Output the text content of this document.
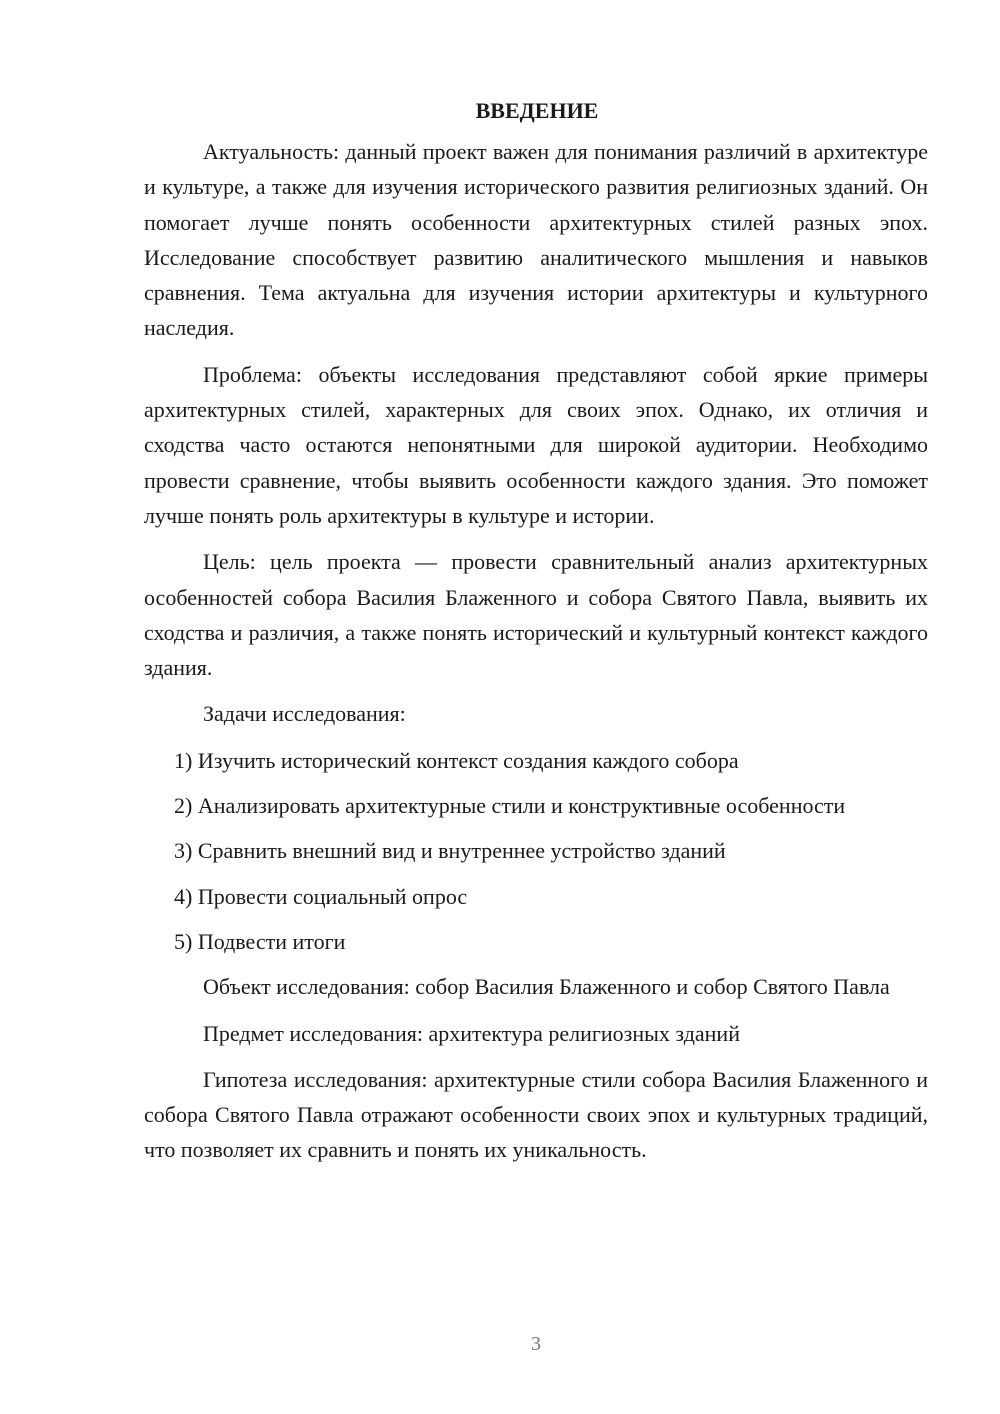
ВВЕДЕНИЕ

Актуальность: данный проект важен для понимания различий в архитектуре и культуре, а также для изучения исторического развития религиозных зданий. Он помогает лучше понять особенности архитектурных стилей разных эпох. Исследование способствует развитию аналитического мышления и навыков сравнения. Тема актуальна для изучения истории архитектуры и культурного наследия.

Проблема: объекты исследования представляют собой яркие примеры архитектурных стилей, характерных для своих эпох. Однако, их отличия и сходства часто остаются непонятными для широкой аудитории. Необходимо провести сравнение, чтобы выявить особенности каждого здания. Это поможет лучше понять роль архитектуры в культуре и истории.

Цель: цель проекта — провести сравнительный анализ архитектурных особенностей собора Василия Блаженного и собора Святого Павла, выявить их сходства и различия, а также понять исторический и культурный контекст каждого здания.

Задачи исследования:

1) Изучить исторический контекст создания каждого собора

2) Анализировать архитектурные стили и конструктивные особенности

3) Сравнить внешний вид и внутреннее устройство зданий

4) Провести социальный опрос

5) Подвести итоги

Объект исследования: собор Василия Блаженного и собор Святого Павла

Предмет исследования: архитектура религиозных зданий

Гипотеза исследования: архитектурные стили собора Василия Блаженного и собора Святого Павла отражают особенности своих эпох и культурных традиций, что позволяет их сравнить и понять их уникальность.

3
